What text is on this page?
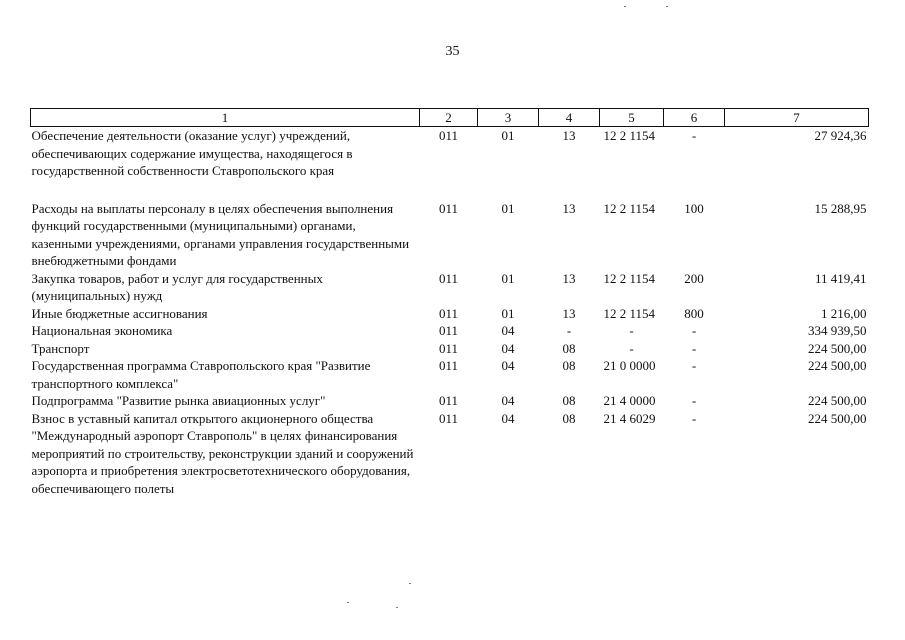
35
1	2	3	4	5	6	7
Обеспечение деятельности (оказание услуг) учреждений, обеспечивающих содержание имущества, находящегося в государственной собственности Ставропольского края	011	01	13	12 2 1154	-	27 924,36

Расходы на выплаты персоналу в целях обеспечения выполнения функций государственными (муниципальными) органами, казенными учреждениями, органами управления государственными внебюджетными фондами	011	01	13	12 2 1154	100	15 288,95
Закупка товаров, работ и услуг для государственных (муниципальных) нужд	011	01	13	12 2 1154	200	11 419,41
Иные бюджетные ассигнования	011	01	13	12 2 1154	800	1 216,00
Национальная экономика	011	04	-	-	-	334 939,50
Транспорт	011	04	08	-	-	224 500,00
Государственная программа Ставропольского края "Развитие транспортного комплекса"	011	04	08	21 0 0000	-	224 500,00
Подпрограмма "Развитие рынка авиационных услуг"	011	04	08	21 4 0000	-	224 500,00
Взнос в уставный капитал открытого акционерного общества "Международный аэропорт Ставрополь" в целях финансирования мероприятий по строительству, реконструкции зданий и сооружений аэропорта и приобретения электросветотехнического оборудования, обеспечивающего полеты	011	04	08	21 4 6029	-	224 500,00
